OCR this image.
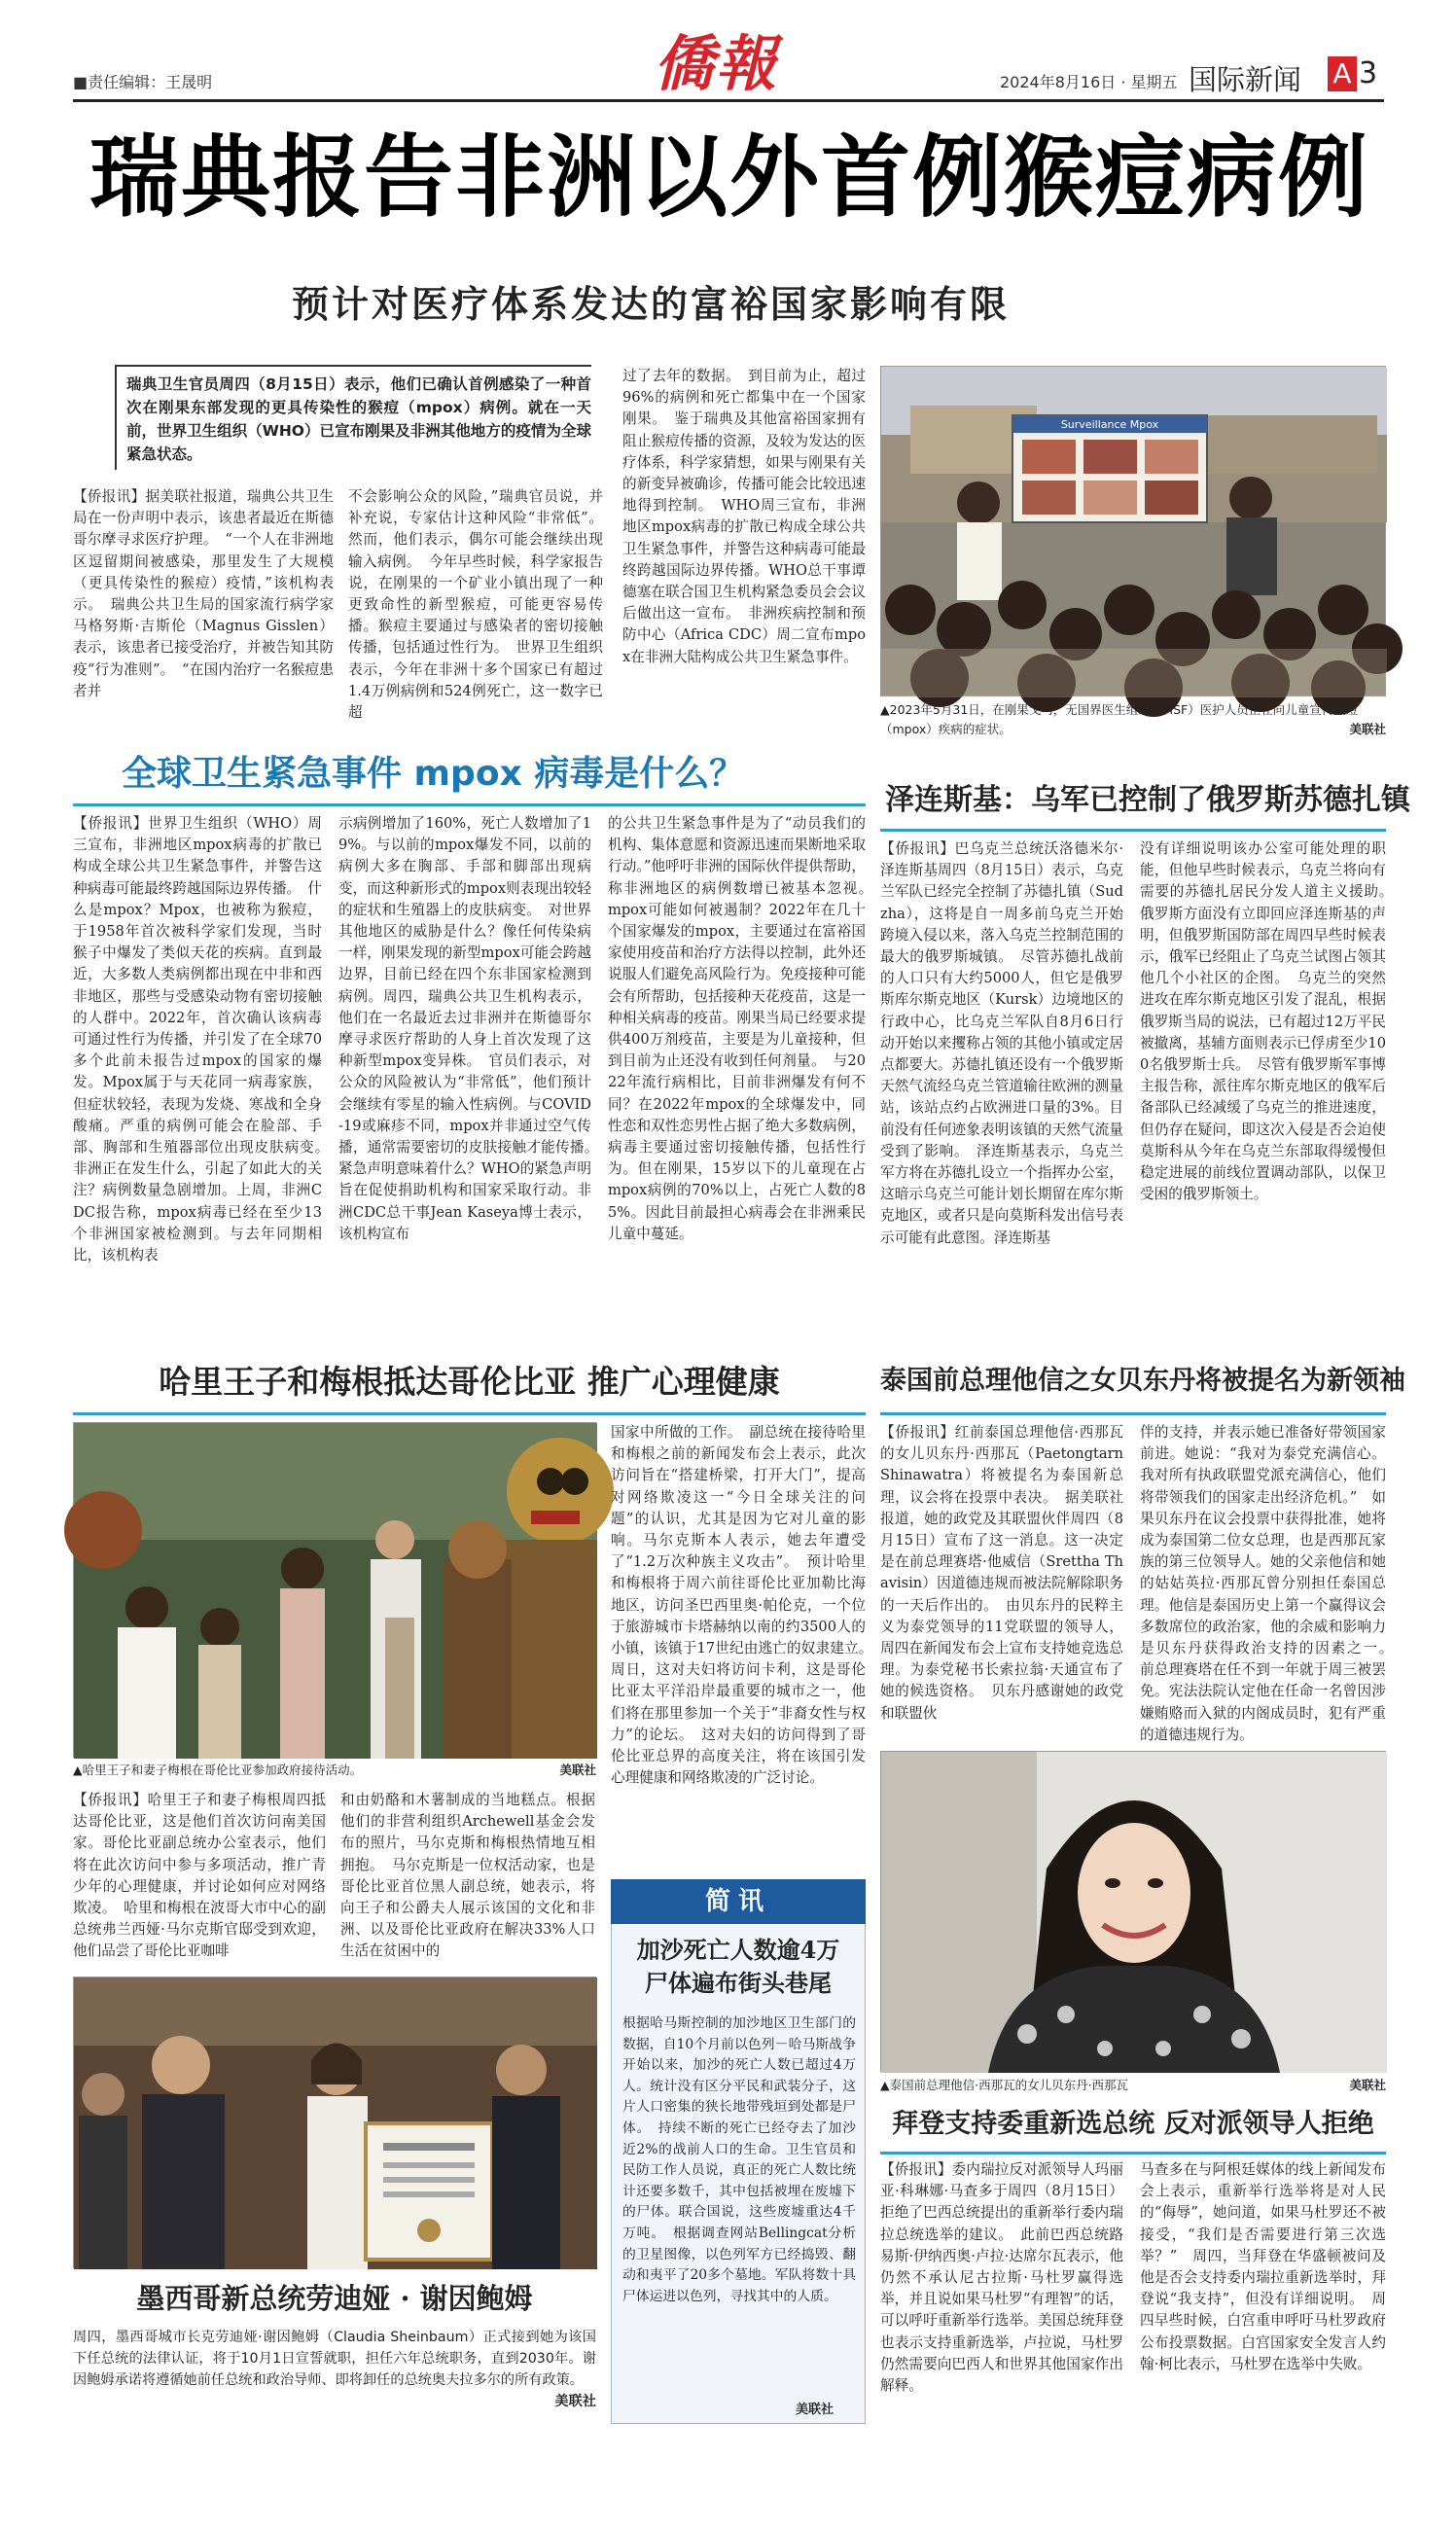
■责任编辑：王晟明	僑報	2024年8月16日 · 星期五 国际新闻 A 3
瑞典报告非洲以外首例猴痘病例
预计对医疗体系发达的富裕国家影响有限
瑞典卫生官员周四（8月15日）表示，他们已确认首例感染了一种首次在刚果东部发现的更具传染性的猴痘（mpox）病例。就在一天前，世界卫生组织（WHO）已宣布刚果及非洲其他地方的疫情为全球紧急状态。
【侨报讯】据美联社报道，瑞典公共卫生局在一份声明中表示，该患者最近在斯德哥尔摩寻求医疗护理。　“一个人在非洲地区逗留期间被感染，那里发生了大规模（更具传染性的猴痘）疫情，”该机构表示。　瑞典公共卫生局的国家流行病学家马格努斯·吉斯伦（Magnus Gisslen）表示，该患者已接受治疗，并被告知其防疫“行为准则”。　“在国内治疗一名猴痘患者并
不会影响公众的风险，”瑞典官员说，并补充说，专家估计这种风险“非常低”。然而，他们表示，偶尔可能会继续出现输入病例。　今年早些时候，科学家报告说，在刚果的一个矿业小镇出现了一种更致命性的新型猴痘，可能更容易传播。猴痘主要通过与感染者的密切接触传播，包括通过性行为。　世界卫生组织表示，今年在非洲十多个国家已有超过1.4万例病例和524例死亡，这一数字已超
过了去年的数据。　到目前为止，超过96%的病例和死亡都集中在一个国家刚果。　鉴于瑞典及其他富裕国家拥有阻止猴痘传播的资源，及较为发达的医疗体系，科学家猜想，如果与刚果有关的新变异被确诊，传播可能会比较迅速地得到控制。　WHO周三宣布，非洲地区mpox病毒的扩散已构成全球公共卫生紧急事件，并警告这种病毒可能最终跨越国际边界传播。WHO总干事谭德塞在联合国卫生机构紧急委员会会议后做出这一宣布。　非洲疾病控制和预防中心（Africa CDC）周二宣布mpox在非洲大陆构成公共卫生紧急事件。
Surveillance Mpox
▲2023年5月31日，在刚果戈马，无国界医生组织（MSF）医护人员正在向儿童宣传猴痘（mpox）疾病的症状。	美联社
全球卫生紧急事件 mpox 病毒是什么？
【侨报讯】世界卫生组织（WHO）周三宣布，非洲地区mpox病毒的扩散已构成全球公共卫生紧急事件，并警告这种病毒可能最终跨越国际边界传播。　什么是mpox？Mpox，也被称为猴痘，于1958年首次被科学家们发现，当时猴子中爆发了类似天花的疾病。直到最近，大多数人类病例都出现在中非和西非地区，那些与受感染动物有密切接触的人群中。2022年，首次确认该病毒可通过性行为传播，并引发了在全球70多个此前未报告过mpox的国家的爆发。Mpox属于与天花同一病毒家族，但症状较轻，表现为发烧、寒战和全身酸痛。严重的病例可能会在脸部、手部、胸部和生殖器部位出现皮肤病变。　非洲正在发生什么，引起了如此大的关注？病例数量急剧增加。上周，非洲CDC报告称，mpox病毒已经在至少13个非洲国家被检测到。与去年同期相比，该机构表
示病例增加了160%，死亡人数增加了19%。与以前的mpox爆发不同，以前的病例大多在胸部、手部和脚部出现病变，而这种新形式的mpox则表现出较轻的症状和生殖器上的皮肤病变。　对世界其他地区的威胁是什么？像任何传染病一样，刚果发现的新型mpox可能会跨越边界，目前已经在四个东非国家检测到病例。周四，瑞典公共卫生机构表示，他们在一名最近去过非洲并在斯德哥尔摩寻求医疗帮助的人身上首次发现了这种新型mpox变异株。　官员们表示，对公众的风险被认为“非常低”，他们预计会继续有零星的输入性病例。与COVID-19或麻疹不同，mpox并非通过空气传播，通常需要密切的皮肤接触才能传播。　紧急声明意味着什么？WHO的紧急声明旨在促使捐助机构和国家采取行动。非洲CDC总干事Jean Kaseya博士表示，该机构宣布
的公共卫生紧急事件是为了“动员我们的机构、集体意愿和资源迅速而果断地采取行动。”他呼吁非洲的国际伙伴提供帮助，称非洲地区的病例数增已被基本忽视。　mpox可能如何被遏制？2022年在几十个国家爆发的mpox，主要通过在富裕国家使用疫苗和治疗方法得以控制，此外还说服人们避免高风险行为。免疫接种可能会有所帮助，包括接种天花疫苗，这是一种相关病毒的疫苗。刚果当局已经要求提供400万剂疫苗，主要是为儿童接种，但到目前为止还没有收到任何剂量。　与2022年流行病相比，目前非洲爆发有何不同？在2022年mpox的全球爆发中，同性恋和双性恋男性占据了绝大多数病例，病毒主要通过密切接触传播，包括性行为。但在刚果，15岁以下的儿童现在占mpox病例的70%以上，占死亡人数的85%。因此目前最担心病毒会在非洲乘民儿童中蔓延。
泽连斯基：乌军已控制了俄罗斯苏德扎镇
【侨报讯】巴乌克兰总统沃洛德米尔·泽连斯基周四（8月15日）表示，乌克兰军队已经完全控制了苏德扎镇（Sudzha），这将是自一周多前乌克兰开始跨境入侵以来，落入乌克兰控制范围的最大的俄罗斯城镇。　尽管苏德扎战前的人口只有大约5000人，但它是俄罗斯库尔斯克地区（Kursk）边境地区的行政中心，比乌克兰军队自8月6日行动开始以来攫称占领的其他小镇或定居点都要大。苏德扎镇还设有一个俄罗斯天然气流经乌克兰管道输往欧洲的测量站，该站点约占欧洲进口量的3%。目前没有任何迹象表明该镇的天然气流量受到了影响。　泽连斯基表示，乌克兰军方将在苏德扎设立一个指挥办公室，这暗示乌克兰可能计划长期留在库尔斯克地区，或者只是向莫斯科发出信号表示可能有此意图。泽连斯基
没有详细说明该办公室可能处理的职能，但他早些时候表示，乌克兰将向有需要的苏德扎居民分发人道主义援助。　俄罗斯方面没有立即回应泽连斯基的声明，但俄罗斯国防部在周四早些时候表示，俄军已经阻止了乌克兰试图占领其他几个小社区的企图。　乌克兰的突然进攻在库尔斯克地区引发了混乱，根据俄罗斯当局的说法，已有超过12万平民被撤离，基辅方面则表示已俘虏至少100名俄罗斯士兵。　尽管有俄罗斯军事博主报告称，派往库尔斯克地区的俄军后备部队已经减缓了乌克兰的推进速度，但仍存在疑问，即这次入侵是否会迫使莫斯科从今年在乌克兰东部取得缓慢但稳定进展的前线位置调动部队，以保卫受困的俄罗斯领土。
哈里王子和梅根抵达哥伦比亚 推广心理健康
▲哈里王子和妻子梅根在哥伦比亚参加政府接待活动。	美联社
国家中所做的工作。　副总统在接待哈里和梅根之前的新闻发布会上表示，此次访问旨在“搭建桥梁，打开大门”，提高对网络欺凌这一“今日全球关注的问题”的认识，尤其是因为它对儿童的影响。马尔克斯本人表示，她去年遭受了“1.2万次种族主义攻击”。　预计哈里和梅根将于周六前往哥伦比亚加勒比海地区，访问圣巴西里奥·帕伦克，一个位于旅游城市卡塔赫纳以南的约3500人的小镇，该镇于17世纪由逃亡的奴隶建立。　周日，这对夫妇将访问卡利，这是哥伦比亚太平洋沿岸最重要的城市之一，他们将在那里参加一个关于“非裔女性与权力”的论坛。　这对夫妇的访问得到了哥伦比亚总界的高度关注，将在该国引发心理健康和网络欺凌的广泛讨论。
【侨报讯】哈里王子和妻子梅根周四抵达哥伦比亚，这是他们首次访问南美国家。哥伦比亚副总统办公室表示，他们将在此次访问中参与多项活动，推广青少年的心理健康，并讨论如何应对网络欺凌。　哈里和梅根在波哥大市中心的副总统弗兰西娅·马尔克斯官邸受到欢迎，他们品尝了哥伦比亚咖啡
和由奶酪和木薯制成的当地糕点。根据他们的非营利组织Archewell基金会发布的照片，马尔克斯和梅根热情地互相拥抱。　马尔克斯是一位权活动家，也是哥伦比亚首位黑人副总统，她表示，将向王子和公爵夫人展示该国的文化和非洲、以及哥伦比亚政府在解决33%人口生活在贫困中的
墨西哥新总统劳迪娅 · 谢因鲍姆
周四，墨西哥城市长克劳迪娅·谢因鲍姆（Claudia Sheinbaum）正式接到她为该国下任总统的法律认证，将于10月1日宣誓就职，担任六年总统职务，直到2030年。谢因鲍姆承诺将遵循她前任总统和政治导师、即将卸任的总统奥夫拉多尔的所有政策。
美联社
简讯
加沙死亡人数逾4万
尸体遍布街头巷尾
根据哈马斯控制的加沙地区卫生部门的数据，自10个月前以色列－哈马斯战争开始以来，加沙的死亡人数已超过4万人。统计没有区分平民和武装分子，这片人口密集的狭长地带残垣到处都是尸体。　持续不断的死亡已经夺去了加沙近2%的战前人口的生命。卫生官员和民防工作人员说，真正的死亡人数比统计还要多数千，其中包括被埋在废墟下的尸体。联合国说，这些废墟重达4千万吨。　根据调查网站Bellingcat分析的卫星图像，以色列军方已经捣毁、翻动和夷平了20多个墓地。军队将数十具尸体运进以色列，寻找其中的人质。
美联社
泰国前总理他信之女贝东丹将被提名为新领袖
【侨报讯】红前泰国总理他信·西那瓦的女儿贝东丹·西那瓦（Paetongtarn Shinawatra）将被提名为泰国新总理，议会将在投票中表决。　据美联社报道，她的政党及其联盟伙伴周四（8月15日）宣布了这一消息。这一决定是在前总理赛塔·他威信（Srettha Thavisin）因道德违规而被法院解除职务的一天后作出的。　由贝东丹的民粹主义为泰党领导的11党联盟的领导人，周四在新闻发布会上宣布支持她竞选总理。为泰党秘书长索拉翁·天通宣布了她的候选资格。　贝东丹感谢她的政党和联盟伙
伴的支持，并表示她已准备好带领国家前进。她说：“我对为泰党充满信心。我对所有执政联盟党派充满信心，他们将带领我们的国家走出经济危机。”　如果贝东丹在议会投票中获得批准，她将成为泰国第二位女总理，也是西那瓦家族的第三位领导人。她的父亲他信和她的姑姑英拉·西那瓦曾分别担任泰国总理。他信是泰国历史上第一个赢得议会多数席位的政治家，他的余威和影响力是贝东丹获得政治支持的因素之一。　前总理赛塔在任不到一年就于周三被罢免。宪法法院认定他在任命一名曾因涉嫌贿赂而入狱的内阁成员时，犯有严重的道德违规行为。
▲泰国前总理他信·西那瓦的女儿贝东丹·西那瓦	美联社
拜登支持委重新选总统 反对派领导人拒绝
【侨报讯】委内瑞拉反对派领导人玛丽亚·科琳娜·马查多于周四（8月15日）拒绝了巴西总统提出的重新举行委内瑞拉总统选举的建议。　此前巴西总统路易斯·伊纳西奥·卢拉·达席尔瓦表示，他仍然不承认尼古拉斯·马杜罗赢得选举，并且说如果马杜罗“有理智”的话，可以呼吁重新举行选举。美国总统拜登也表示支持重新选举，卢拉说，马杜罗仍然需要向巴西人和世界其他国家作出解释。
马查多在与阿根廷媒体的线上新闻发布会上表示，重新举行选举将是对人民的“侮辱”，她问道，如果马杜罗还不被接受，“我们是否需要进行第三次选举？”　周四，当拜登在华盛顿被问及他是否会支持委内瑞拉重新选举时，拜登说“我支持”，但没有详细说明。　周四早些时候，白宫重申呼吁马杜罗政府公布投票数据。白宫国家安全发言人约翰·柯比表示，马杜罗在选举中失败。
